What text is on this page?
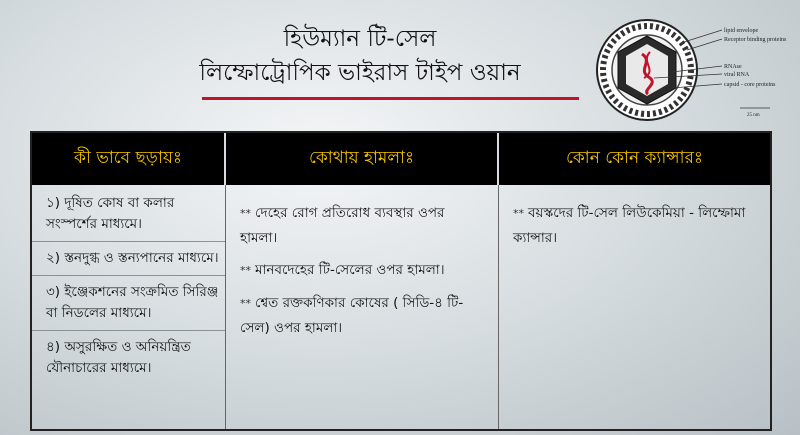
হিউম্যান টি-সেল
লিম্ফোট্রোপিক ভাইরাস টাইপ ওয়ান
lipid envelope
Receptor binding proteins
RNAse
viral RNA
capsid - core proteins
25 nm
কী ভাবে ছড়ায়ঃ	কোথায় হামলাঃ	কোন কোন ক্যান্সারঃ
১) দূষিত কোষ বা কলার সংস্পর্শের মাধ্যমে।
২) স্তনদুগ্ধ ও স্তন্যপানের মাধ্যমে।
৩) ইঞ্জেকশনের সংক্রমিত সিরিঞ্জ বা নিডলের মাধ্যমে।
৪) অসুরক্ষিত ও অনিয়ন্ত্রিত যৌনাচারের মাধ্যমে।
** দেহের রোগ প্রতিরোধ ব্যবস্থার ওপর হামলা।
** মানবদেহের টি-সেলের ওপর হামলা।
** শ্বেত রক্তকণিকার কোষের ( সিডি-৪ টি-সেল) ওপর হামলা।
** বয়স্কদের টি-সেল লিউকেমিয়া - লিম্ফোমা ক্যান্সার।
